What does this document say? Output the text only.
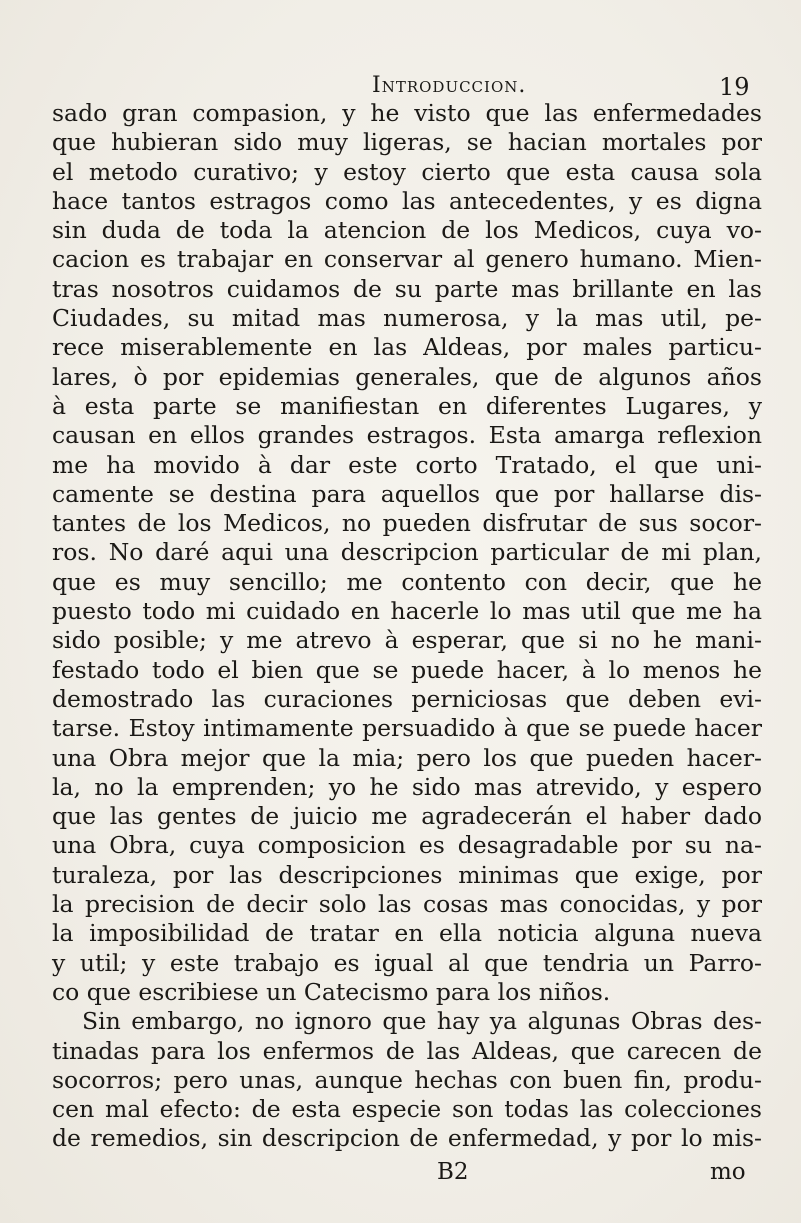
Introduccion.	19
sado gran compasion, y he visto que las enfermedades
que hubieran sido muy ligeras, se hacian mortales por
el metodo curativo; y estoy cierto que esta causa sola
hace tantos estragos como las antecedentes, y es digna
sin duda de toda la atencion de los Medicos, cuya vo-
cacion es trabajar en conservar al genero humano. Mien-
tras nosotros cuidamos de su parte mas brillante en las
Ciudades, su mitad mas numerosa, y la mas util, pe-
rece miserablemente en las Aldeas, por males particu-
lares, ò por epidemias generales, que de algunos años
à esta parte se manifiestan en diferentes Lugares, y
causan en ellos grandes estragos. Esta amarga reflexion
me ha movido à dar este corto Tratado, el que uni-
camente se destina para aquellos que por hallarse dis-
tantes de los Medicos, no pueden disfrutar de sus socor-
ros. No daré aqui una descripcion particular de mi plan,
que es muy sencillo; me contento con decir, que he
puesto todo mi cuidado en hacerle lo mas util que me ha
sido posible; y me atrevo à esperar, que si no he mani-
festado todo el bien que se puede hacer, à lo menos he
demostrado las curaciones perniciosas que deben evi-
tarse. Estoy intimamente persuadido à que se puede hacer
una Obra mejor que la mia; pero los que pueden hacer-
la, no la emprenden; yo he sido mas atrevido, y espero
que las gentes de juicio me agradecerán el haber dado
una Obra, cuya composicion es desagradable por su na-
turaleza, por las descripciones minimas que exige, por
la precision de decir solo las cosas mas conocidas, y por
la imposibilidad de tratar en ella noticia alguna nueva
y util; y este trabajo es igual al que tendria un Parro-
co que escribiese un Catecismo para los niños.
Sin embargo, no ignoro que hay ya algunas Obras des-
tinadas para los enfermos de las Aldeas, que carecen de
socorros; pero unas, aunque hechas con buen fin, produ-
cen mal efecto: de esta especie son todas las colecciones
de remedios, sin descripcion de enfermedad, y por lo mis-
B2	mo
